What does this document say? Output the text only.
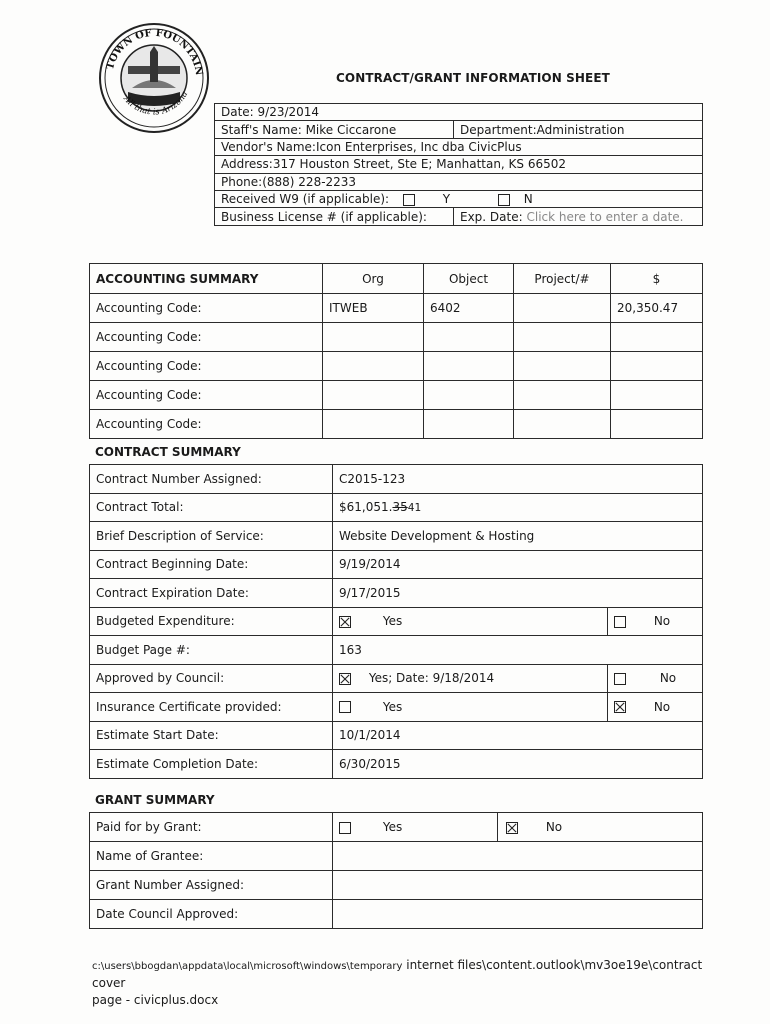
TOWN OF FOUNTAIN
All that is Arizona
CONTRACT/GRANT INFORMATION SHEET
Date: 9/23/2014	
Staff's Name: Mike Ciccarone	Department:Administration
Vendor's Name:Icon Enterprises, Inc dba CivicPlus	
Address:317 Houston Street, Ste E; Manhattan, KS 66502	
Phone:(888) 228-2233	
Received W9 (if applicable): Y N	
Business License # (if applicable):	Exp. Date: Click here to enter a date.
ACCOUNTING SUMMARY	Org	Object	Project/#	$
Accounting Code:	ITWEB	6402		20,350.47
Accounting Code:				
Accounting Code:				
Accounting Code:				
Accounting Code:				
CONTRACT SUMMARY
Contract Number Assigned:	C2015-123	
Contract Total:	$61,051.3541	
Brief Description of Service:	Website Development & Hosting	
Contract Beginning Date:	9/19/2014	
Contract Expiration Date:	9/17/2015	
Budgeted Expenditure:	Yes	No
Budget Page #:	163	
Approved by Council:	Yes; Date: 9/18/2014	No
Insurance Certificate provided:	Yes	No
Estimate Start Date:	10/1/2014	
Estimate Completion Date:	6/30/2015	
GRANT SUMMARY
Paid for by Grant:	Yes	No
Name of Grantee:		
Grant Number Assigned:		
Date Council Approved:		
c:\users\bbogdan\appdata\local\microsoft\windows\temporary internet files\content.outlook\mv3oe19e\contract cover
page - civicplus.docx
